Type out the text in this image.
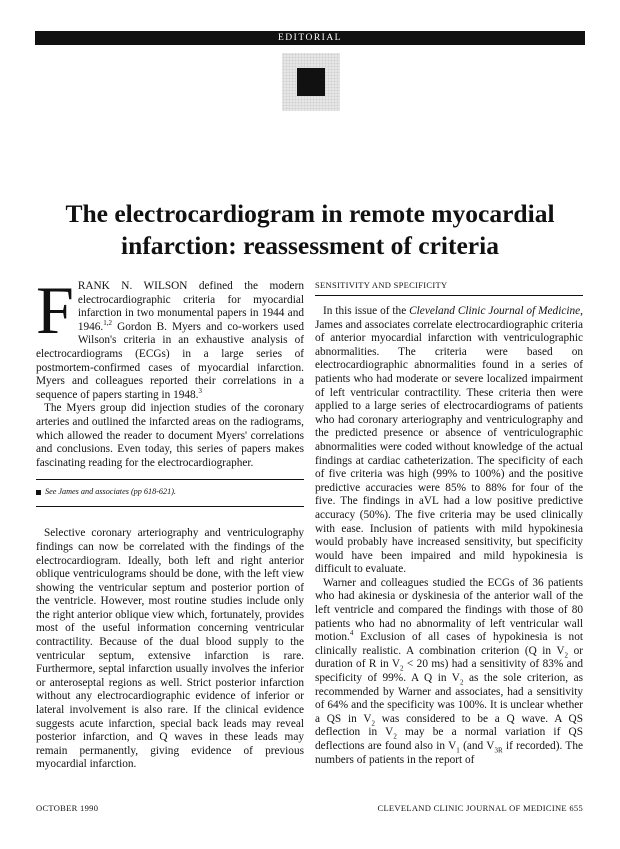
EDITORIAL
The electrocardiogram in remote myocardial infarction: reassessment of criteria

FRANK N. WILSON defined the modern electrocardiographic criteria for myocardial infarction in two monumental papers in 1944 and 1946.$^{1,2}$ Gordon B. Myers and co-workers used Wilson's criteria in an exhaustive analysis of electrocardiograms (ECGs) in a large series of postmortem-confirmed cases of myocardial infarction. Myers and colleagues reported their correlations in a sequence of papers starting in 1948.$^3$

The Myers group did injection studies of the coronary arteries and outlined the infarcted areas on the radiograms, which allowed the reader to document Myers' correlations and conclusions. Even today, this series of papers makes fascinating reading for the electrocardiographer.

See James and associates (pp 618-621).

Selective coronary arteriography and ventriculography findings can now be correlated with the findings of the electrocardiogram. Ideally, both left and right anterior oblique ventriculograms should be done, with the left view showing the ventricular septum and posterior portion of the ventricle. However, most routine studies include only the right anterior oblique view which, fortunately, provides most of the useful information concerning ventricular contractility. Because of the dual blood supply to the ventricular septum, extensive infarction is rare. Furthermore, septal infarction usually involves the inferior or anteroseptal regions as well. Strict posterior infarction without any electrocardiographic evidence of inferior or lateral involvement is also rare. If the clinical evidence suggests acute infarction, special back leads may reveal posterior infarction, and Q waves in these leads may remain permanently, giving evidence of previous myocardial infarction.

SENSITIVITY AND SPECIFICITY

In this issue of the Cleveland Clinic Journal of Medicine, James and associates correlate electrocardiographic criteria of anterior myocardial infarction with ventriculographic abnormalities. The criteria were based on electrocardiographic abnormalities found in a series of patients who had moderate or severe localized impairment of left ventricular contractility. These criteria then were applied to a large series of electrocardiograms of patients who had coronary arteriography and ventriculography and the predicted presence or absence of ventriculographic abnormalities were coded without knowledge of the actual findings at cardiac catheterization. The specificity of each of five criteria was high (99% to 100%) and the positive predictive accuracies were 85% to 88% for four of the five. The findings in aVL had a low positive predictive accuracy (50%). The five criteria may be used clinically with ease. Inclusion of patients with mild hypokinesia would probably have increased sensitivity, but specificity would have been impaired and mild hypokinesia is difficult to evaluate.

Warner and colleagues studied the ECGs of 36 patients who had akinesia or dyskinesia of the anterior wall of the left ventricle and compared the findings with those of 80 patients who had no abnormality of left ventricular wall motion.$^4$ Exclusion of all cases of hypokinesia is not clinically realistic. A combination criterion (Q in $V_2$ or duration of R in $V_2 < 20$ ms) had a sensitivity of 83% and specificity of 99%. A Q in $V_2$ as the sole criterion, as recommended by Warner and associates, had a sensitivity of 64% and the specificity was 100%. It is unclear whether a QS in $V_2$ was considered to be a Q wave. A QS deflection in $V_2$ may be a normal variation if QS deflections are found also in $V_1$ (and $V_{3R}$ if recorded). The numbers of patients in the report of

OCTOBER 1990	CLEVELAND CLINIC JOURNAL OF MEDICINE 655
